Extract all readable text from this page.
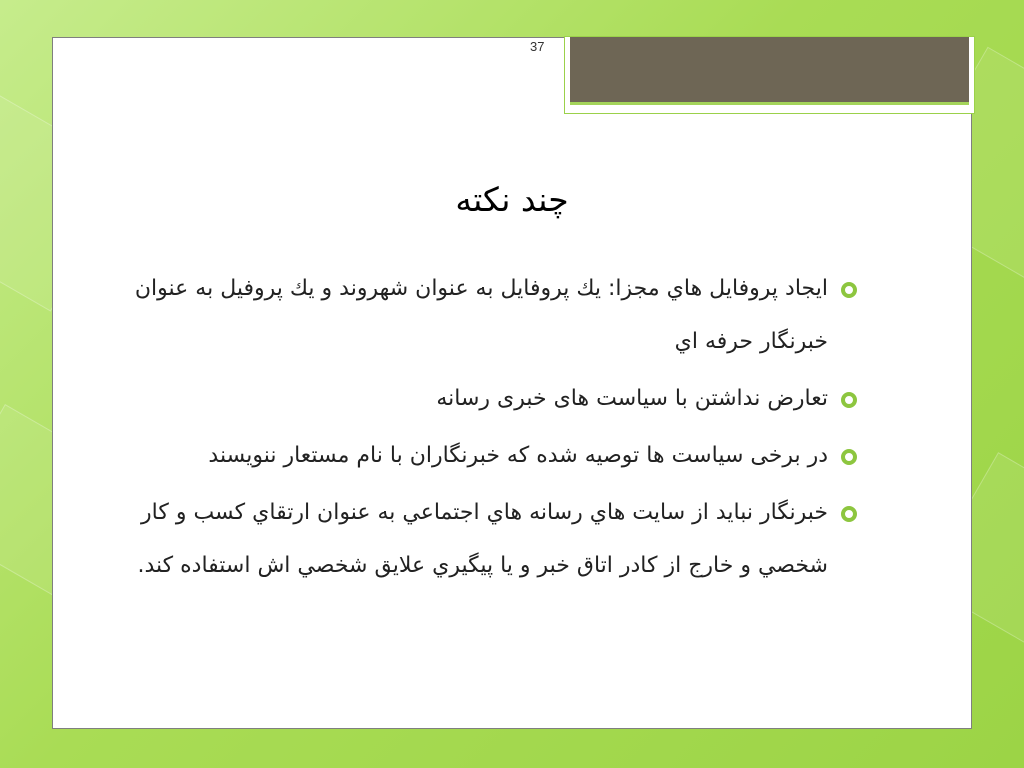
37
چند نکته
ايجاد پروفايل هاي مجزا: يك پروفايل به عنوان شهروند و يك پروفيل به عنوان خبرنگار حرفه اي
تعارض نداشتن با سیاست های خبری رسانه
در برخی سیاست ها توصیه شده که خبرنگاران با نام مستعار ننویسند
خبرنگار نبايد از سايت هاي رسانه هاي اجتماعي به عنوان ارتقاي كسب و كار شخصي و خارج از كادر اتاق خبر و يا پيگيري علايق شخصي اش استفاده كند.
